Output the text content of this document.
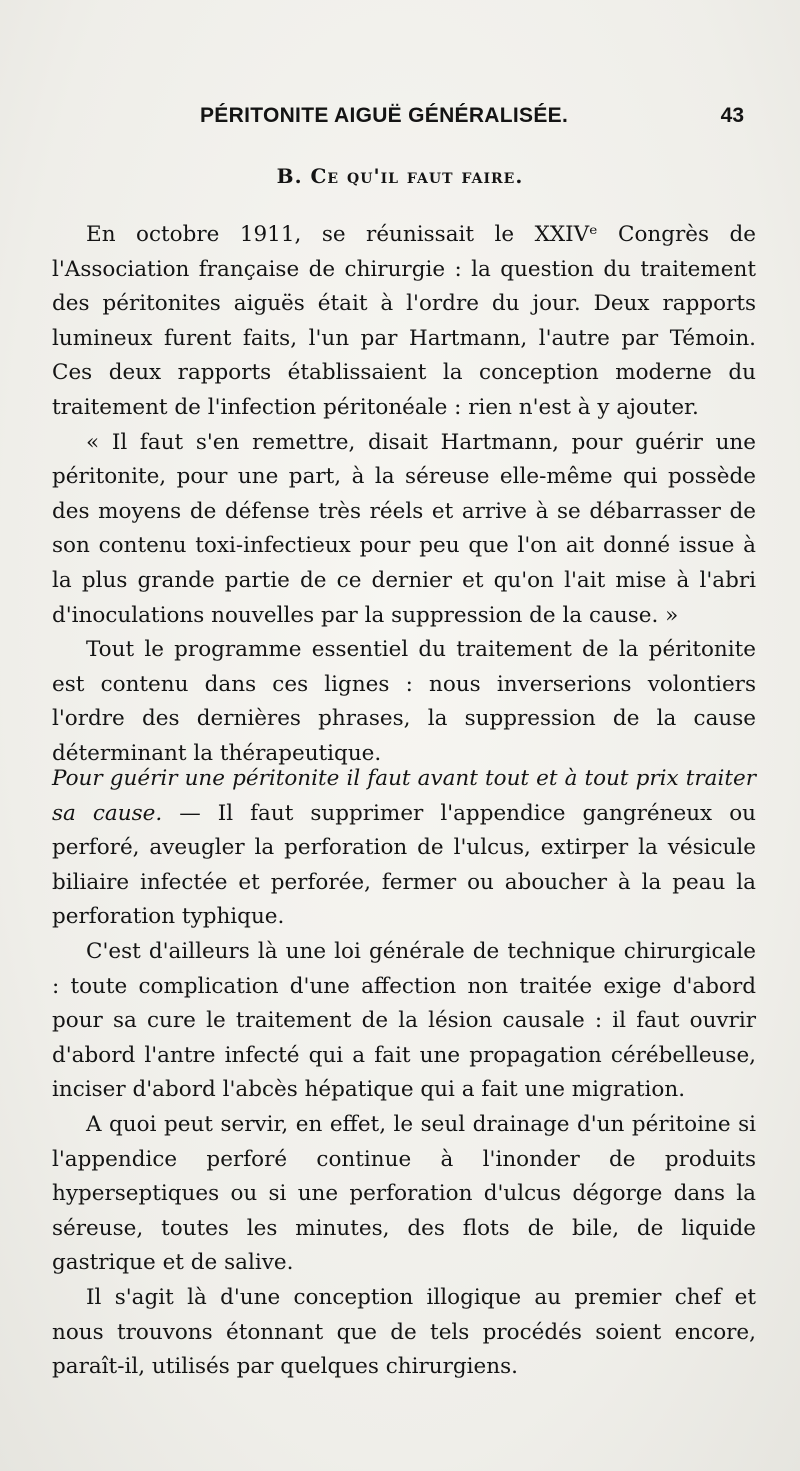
PÉRITONITE AIGUË GÉNÉRALISÉE.	43
B. Ce qu'il faut faire.

En octobre 1911, se réunissait le XXIVᵉ Congrès de l'Association française de chirurgie : la question du traitement des péritonites aiguës était à l'ordre du jour. Deux rapports lumineux furent faits, l'un par Hartmann, l'autre par Témoin. Ces deux rapports établissaient la conception moderne du traitement de l'infection péritonéale : rien n'est à y ajouter.

« Il faut s'en remettre, disait Hartmann, pour guérir une péritonite, pour une part, à la séreuse elle-même qui possède des moyens de défense très réels et arrive à se débarrasser de son contenu toxi-infectieux pour peu que l'on ait donné issue à la plus grande partie de ce dernier et qu'on l'ait mise à l'abri d'inoculations nouvelles par la suppression de la cause. »

Tout le programme essentiel du traitement de la péritonite est contenu dans ces lignes : nous inverserions volontiers l'ordre des dernières phrases, la suppression de la cause déterminant la thérapeutique.

Pour guérir une péritonite il faut avant tout et à tout prix traiter sa cause. — Il faut supprimer l'appendice gangréneux ou perforé, aveugler la perforation de l'ulcus, extirper la vésicule biliaire infectée et perforée, fermer ou aboucher à la peau la perforation typhique.

C'est d'ailleurs là une loi générale de technique chirurgicale : toute complication d'une affection non traitée exige d'abord pour sa cure le traitement de la lésion causale : il faut ouvrir d'abord l'antre infecté qui a fait une propagation cérébelleuse, inciser d'abord l'abcès hépatique qui a fait une migration.

A quoi peut servir, en effet, le seul drainage d'un péritoine si l'appendice perforé continue à l'inonder de produits hyperseptiques ou si une perforation d'ulcus dégorge dans la séreuse, toutes les minutes, des flots de bile, de liquide gastrique et de salive.

Il s'agit là d'une conception illogique au premier chef et nous trouvons étonnant que de tels procédés soient encore, paraît-il, utilisés par quelques chirurgiens.
